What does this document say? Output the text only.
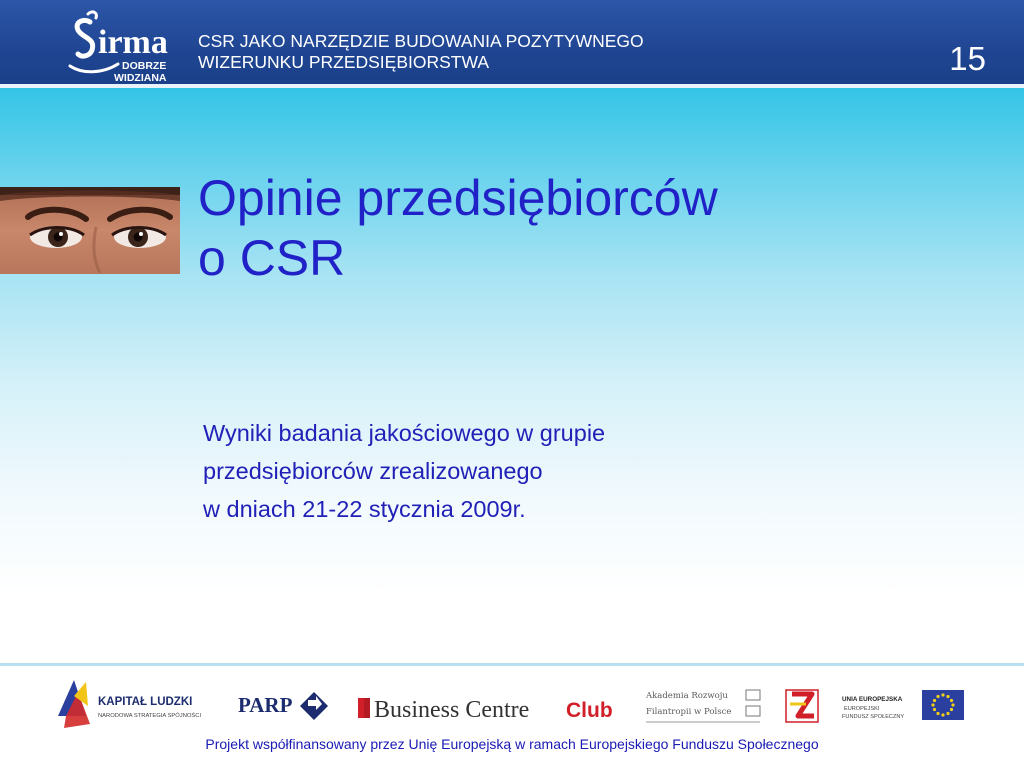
irma
DOBRZE
WIDZIANA
CSR JAKO NARZĘDZIE BUDOWANIA POZYTYWNEGO
WIZERUNKU PRZEDSIĘBIORSTWA	15
Opinie przedsiębiorców
o CSR
Wyniki badania jakościowego w grupie
przedsiębiorców zrealizowanego
w dniach 21-22 stycznia 2009r.
KAPITAŁ LUDZKI
NARODOWA STRATEGIA SPÓJNOŚCI PARP	Business Centre Club
Akademia Rozwoju
Filantropii w Polsce
UNIA EUROPEJSKA
EUROPEJSKI
FUNDUSZ SPOŁECZNY
Projekt współfinansowany przez Unię Europejską w ramach Europejskiego Funduszu Społecznego
